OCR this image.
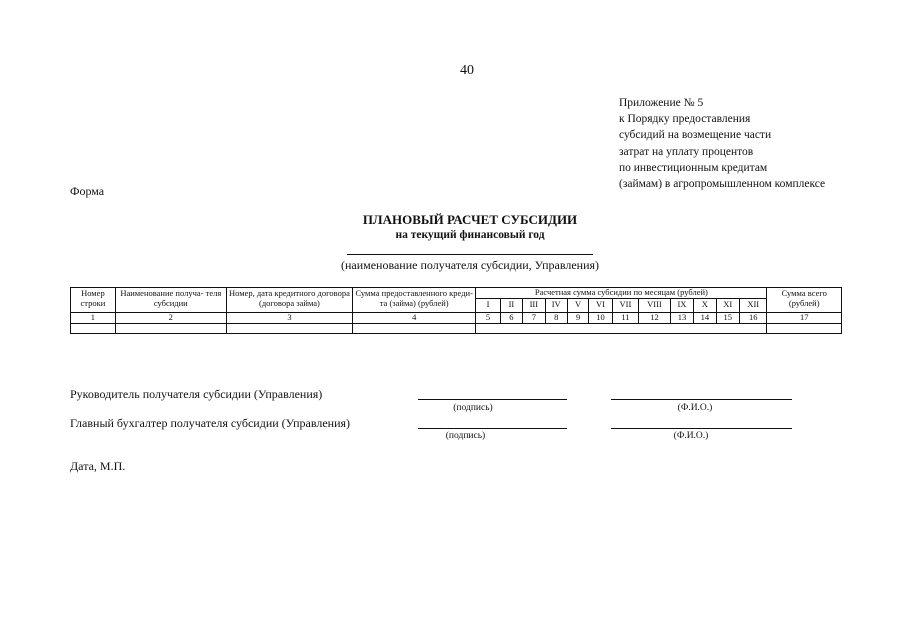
40
Приложение № 5
к Порядку предоставления
субсидий на возмещение части
затрат на уплату процентов
по инвестиционным кредитам
(займам) в агропромышленном комплексе
Форма
ПЛАНОВЫЙ РАСЧЕТ СУБСИДИИ
на текущий финансовый год
(наименование получателя субсидии, Управления)
Номер строки	Наименование получа- теля субсидии	Номер, дата кредитного договора (договора займа)	Сумма предоставленного креди- та (займа) (рублей)	Расчетная сумма субсидии по месяцам (рублей)												Сумма всего (рублей)
				I	II	III	IV	V	VI	VII	VIII	IX	X	XI	XII	
1	2	3	4	5	6	7	8	9	10	11	12	13	14	15	16	17

Руководитель получателя субсидии (Управления)
(подпись)	(Ф.И.О.)
Главный бухгалтер получателя субсидии (Управления)
(подпись)	(Ф.И.О.)
Дата, М.П.
